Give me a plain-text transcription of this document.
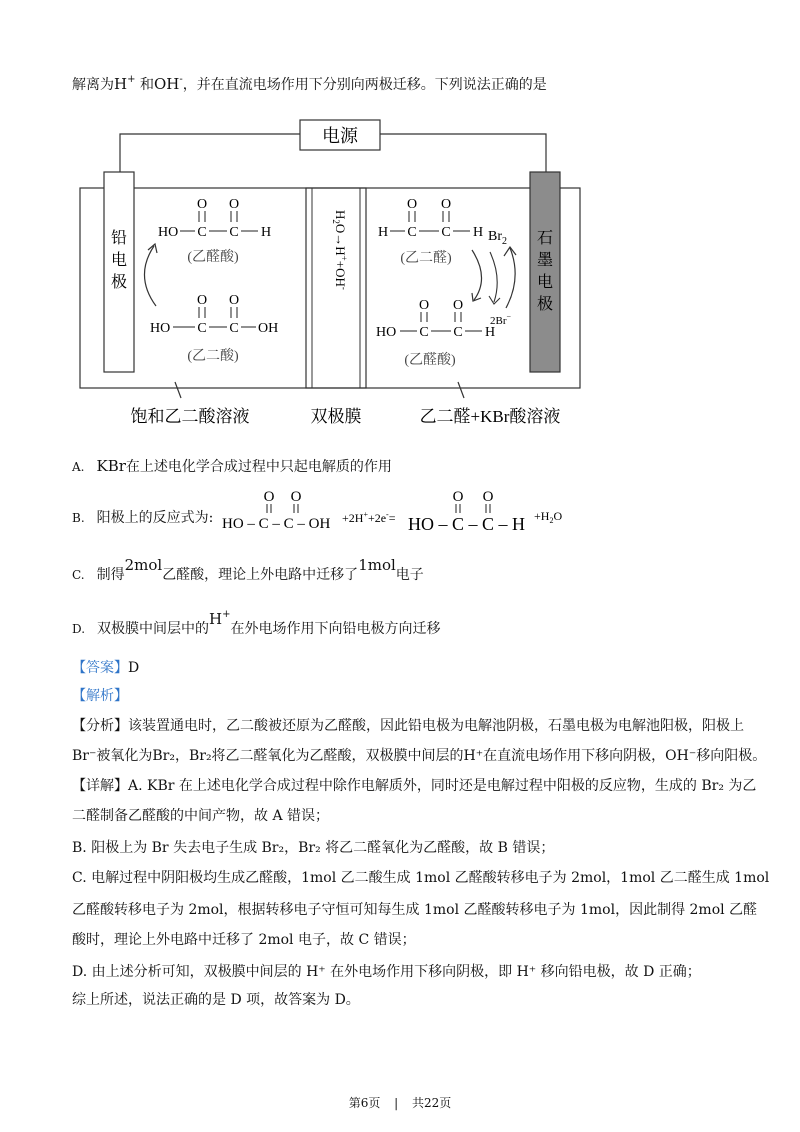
解离为H+ 和OH-，并在直流电场作用下分别向两极迁移。下列说法正确的是
电源
铅
电
极
石
墨
电
极
$H_2O\to H^++OH^-$
O O
HO C C H
(乙醛酸)
O O
HO C C OH
(乙二酸)
O O
H C C H
(乙二醛)
O O
HO C C H
(乙醛酸)
$Br_2$
2Br−
饱和乙二酸溶液	双极膜	乙二醛+KBr酸溶液
A. KBr在上述电化学合成过程中只起电解质的作用
B. 阳极上的反应式为:
O O
HO – C – C – OH +2H++2e-=
O O
HO – $C - C - H +H_2O$
C. 制得2mol乙醛酸，理论上外电路中迁移了1mol电子
D. 双极膜中间层中的H+在外电场作用下向铅电极方向迁移
【答案】D
【解析】
【分析】该装置通电时，乙二酸被还原为乙醛酸，因此铅电极为电解池阴极，石墨电极为电解池阳极，阳极上
Br⁻被氧化为Br₂，Br₂将乙二醛氧化为乙醛酸，双极膜中间层的H⁺在直流电场作用下移向阴极，OH⁻移向阳极。
【详解】A. KBr 在上述电化学合成过程中除作电解质外，同时还是电解过程中阳极的反应物，生成的 Br₂ 为乙
二醛制备乙醛酸的中间产物，故 A 错误；
B. 阳极上为 Br 失去电子生成 Br₂，Br₂ 将乙二醛氧化为乙醛酸，故 B 错误；
C. 电解过程中阴阳极均生成乙醛酸，1mol 乙二酸生成 1mol 乙醛酸转移电子为 2mol，1mol 乙二醛生成 1mol
乙醛酸转移电子为 2mol，根据转移电子守恒可知每生成 1mol 乙醛酸转移电子为 1mol，因此制得 2mol 乙醛
酸时，理论上外电路中迁移了 2mol 电子，故 C 错误；
D. 由上述分析可知，双极膜中间层的 H⁺ 在外电场作用下移向阴极，即 H⁺ 移向铅电极，故 D 正确；
综上所述，说法正确的是 D 项，故答案为 D。
第6页 | 共22页
